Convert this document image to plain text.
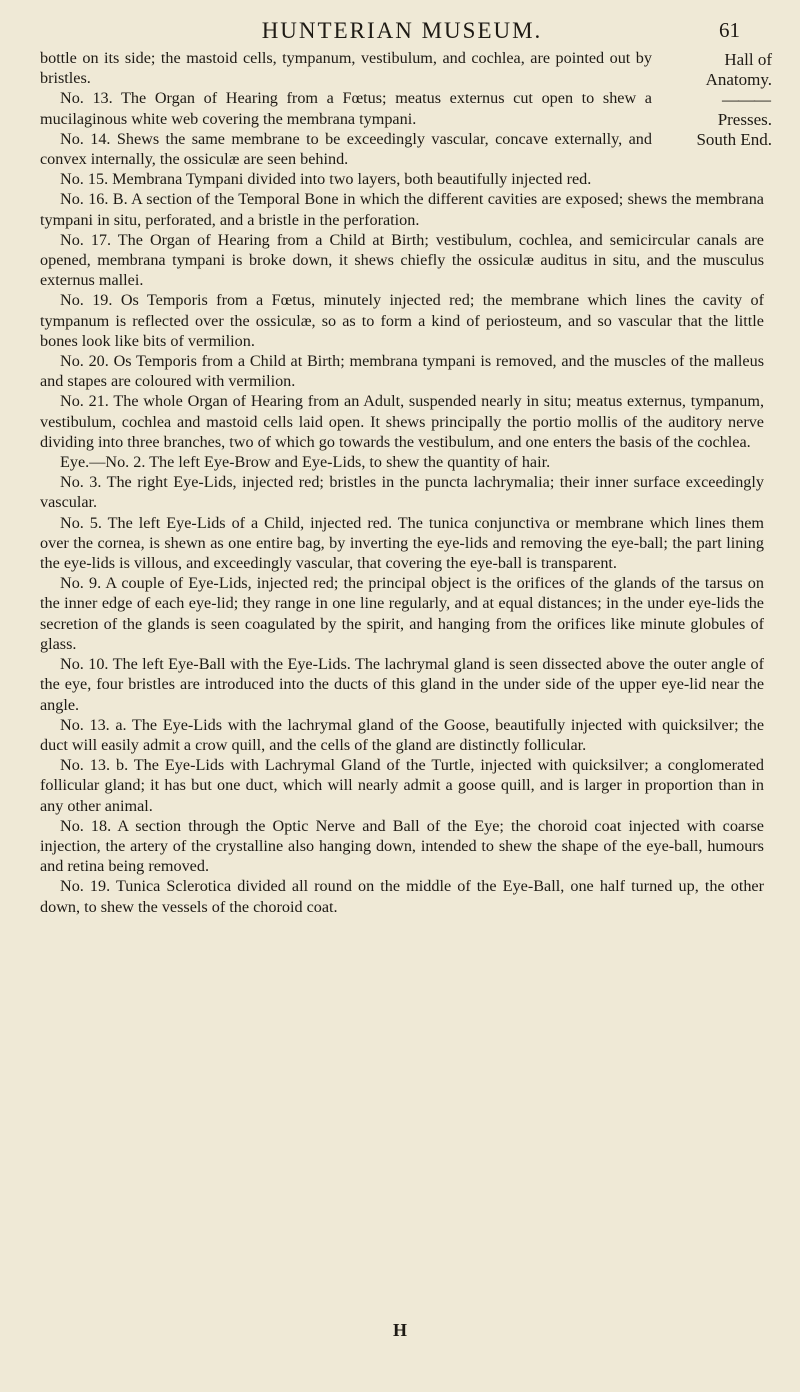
HUNTERIAN MUSEUM.	61
Hall of
Anatomy.
———
Presses.
South End.

bottle on its side; the mastoid cells, tympanum, vestibulum, and cochlea, are pointed out by bristles.

No. 13. The Organ of Hearing from a Fœtus; meatus externus cut open to shew a mucilaginous white web covering the membrana tympani.

No. 14. Shews the same membrane to be exceedingly vascular, concave externally, and convex internally, the ossiculæ are seen behind.

No. 15. Membrana Tympani divided into two layers, both beautifully injected red.

No. 16. B. A section of the Temporal Bone in which the different cavities are exposed; shews the membrana tympani in situ, perforated, and a bristle in the perforation.

No. 17. The Organ of Hearing from a Child at Birth; vestibulum, cochlea, and semicircular canals are opened, membrana tympani is broke down, it shews chiefly the ossiculæ auditus in situ, and the musculus externus mallei.

No. 19. Os Temporis from a Fœtus, minutely injected red; the membrane which lines the cavity of tympanum is reflected over the ossiculæ, so as to form a kind of periosteum, and so vascular that the little bones look like bits of vermilion.

No. 20. Os Temporis from a Child at Birth; membrana tympani is removed, and the muscles of the malleus and stapes are coloured with vermilion.

No. 21. The whole Organ of Hearing from an Adult, suspended nearly in situ; meatus externus, tympanum, vestibulum, cochlea and mastoid cells laid open. It shews principally the portio mollis of the auditory nerve dividing into three branches, two of which go towards the vestibulum, and one enters the basis of the cochlea.

Eye.—No. 2. The left Eye-Brow and Eye-Lids, to shew the quantity of hair.

No. 3. The right Eye-Lids, injected red; bristles in the puncta lachrymalia; their inner surface exceedingly vascular.

No. 5. The left Eye-Lids of a Child, injected red. The tunica conjunctiva or membrane which lines them over the cornea, is shewn as one entire bag, by inverting the eye-lids and removing the eye-ball; the part lining the eye-lids is villous, and exceedingly vascular, that covering the eye-ball is transparent.

No. 9. A couple of Eye-Lids, injected red; the principal object is the orifices of the glands of the tarsus on the inner edge of each eye-lid; they range in one line regularly, and at equal distances; in the under eye-lids the secretion of the glands is seen coagulated by the spirit, and hanging from the orifices like minute globules of glass.

No. 10. The left Eye-Ball with the Eye-Lids. The lachrymal gland is seen dissected above the outer angle of the eye, four bristles are introduced into the ducts of this gland in the under side of the upper eye-lid near the angle.

No. 13. a. The Eye-Lids with the lachrymal gland of the Goose, beautifully injected with quicksilver; the duct will easily admit a crow quill, and the cells of the gland are distinctly follicular.

No. 13. b. The Eye-Lids with Lachrymal Gland of the Turtle, injected with quicksilver; a conglomerated follicular gland; it has but one duct, which will nearly admit a goose quill, and is larger in proportion than in any other animal.

No. 18. A section through the Optic Nerve and Ball of the Eye; the choroid coat injected with coarse injection, the artery of the crystalline also hanging down, intended to shew the shape of the eye-ball, humours and retina being removed.

No. 19. Tunica Sclerotica divided all round on the middle of the Eye-Ball, one half turned up, the other down, to shew the vessels of the choroid coat.

H
